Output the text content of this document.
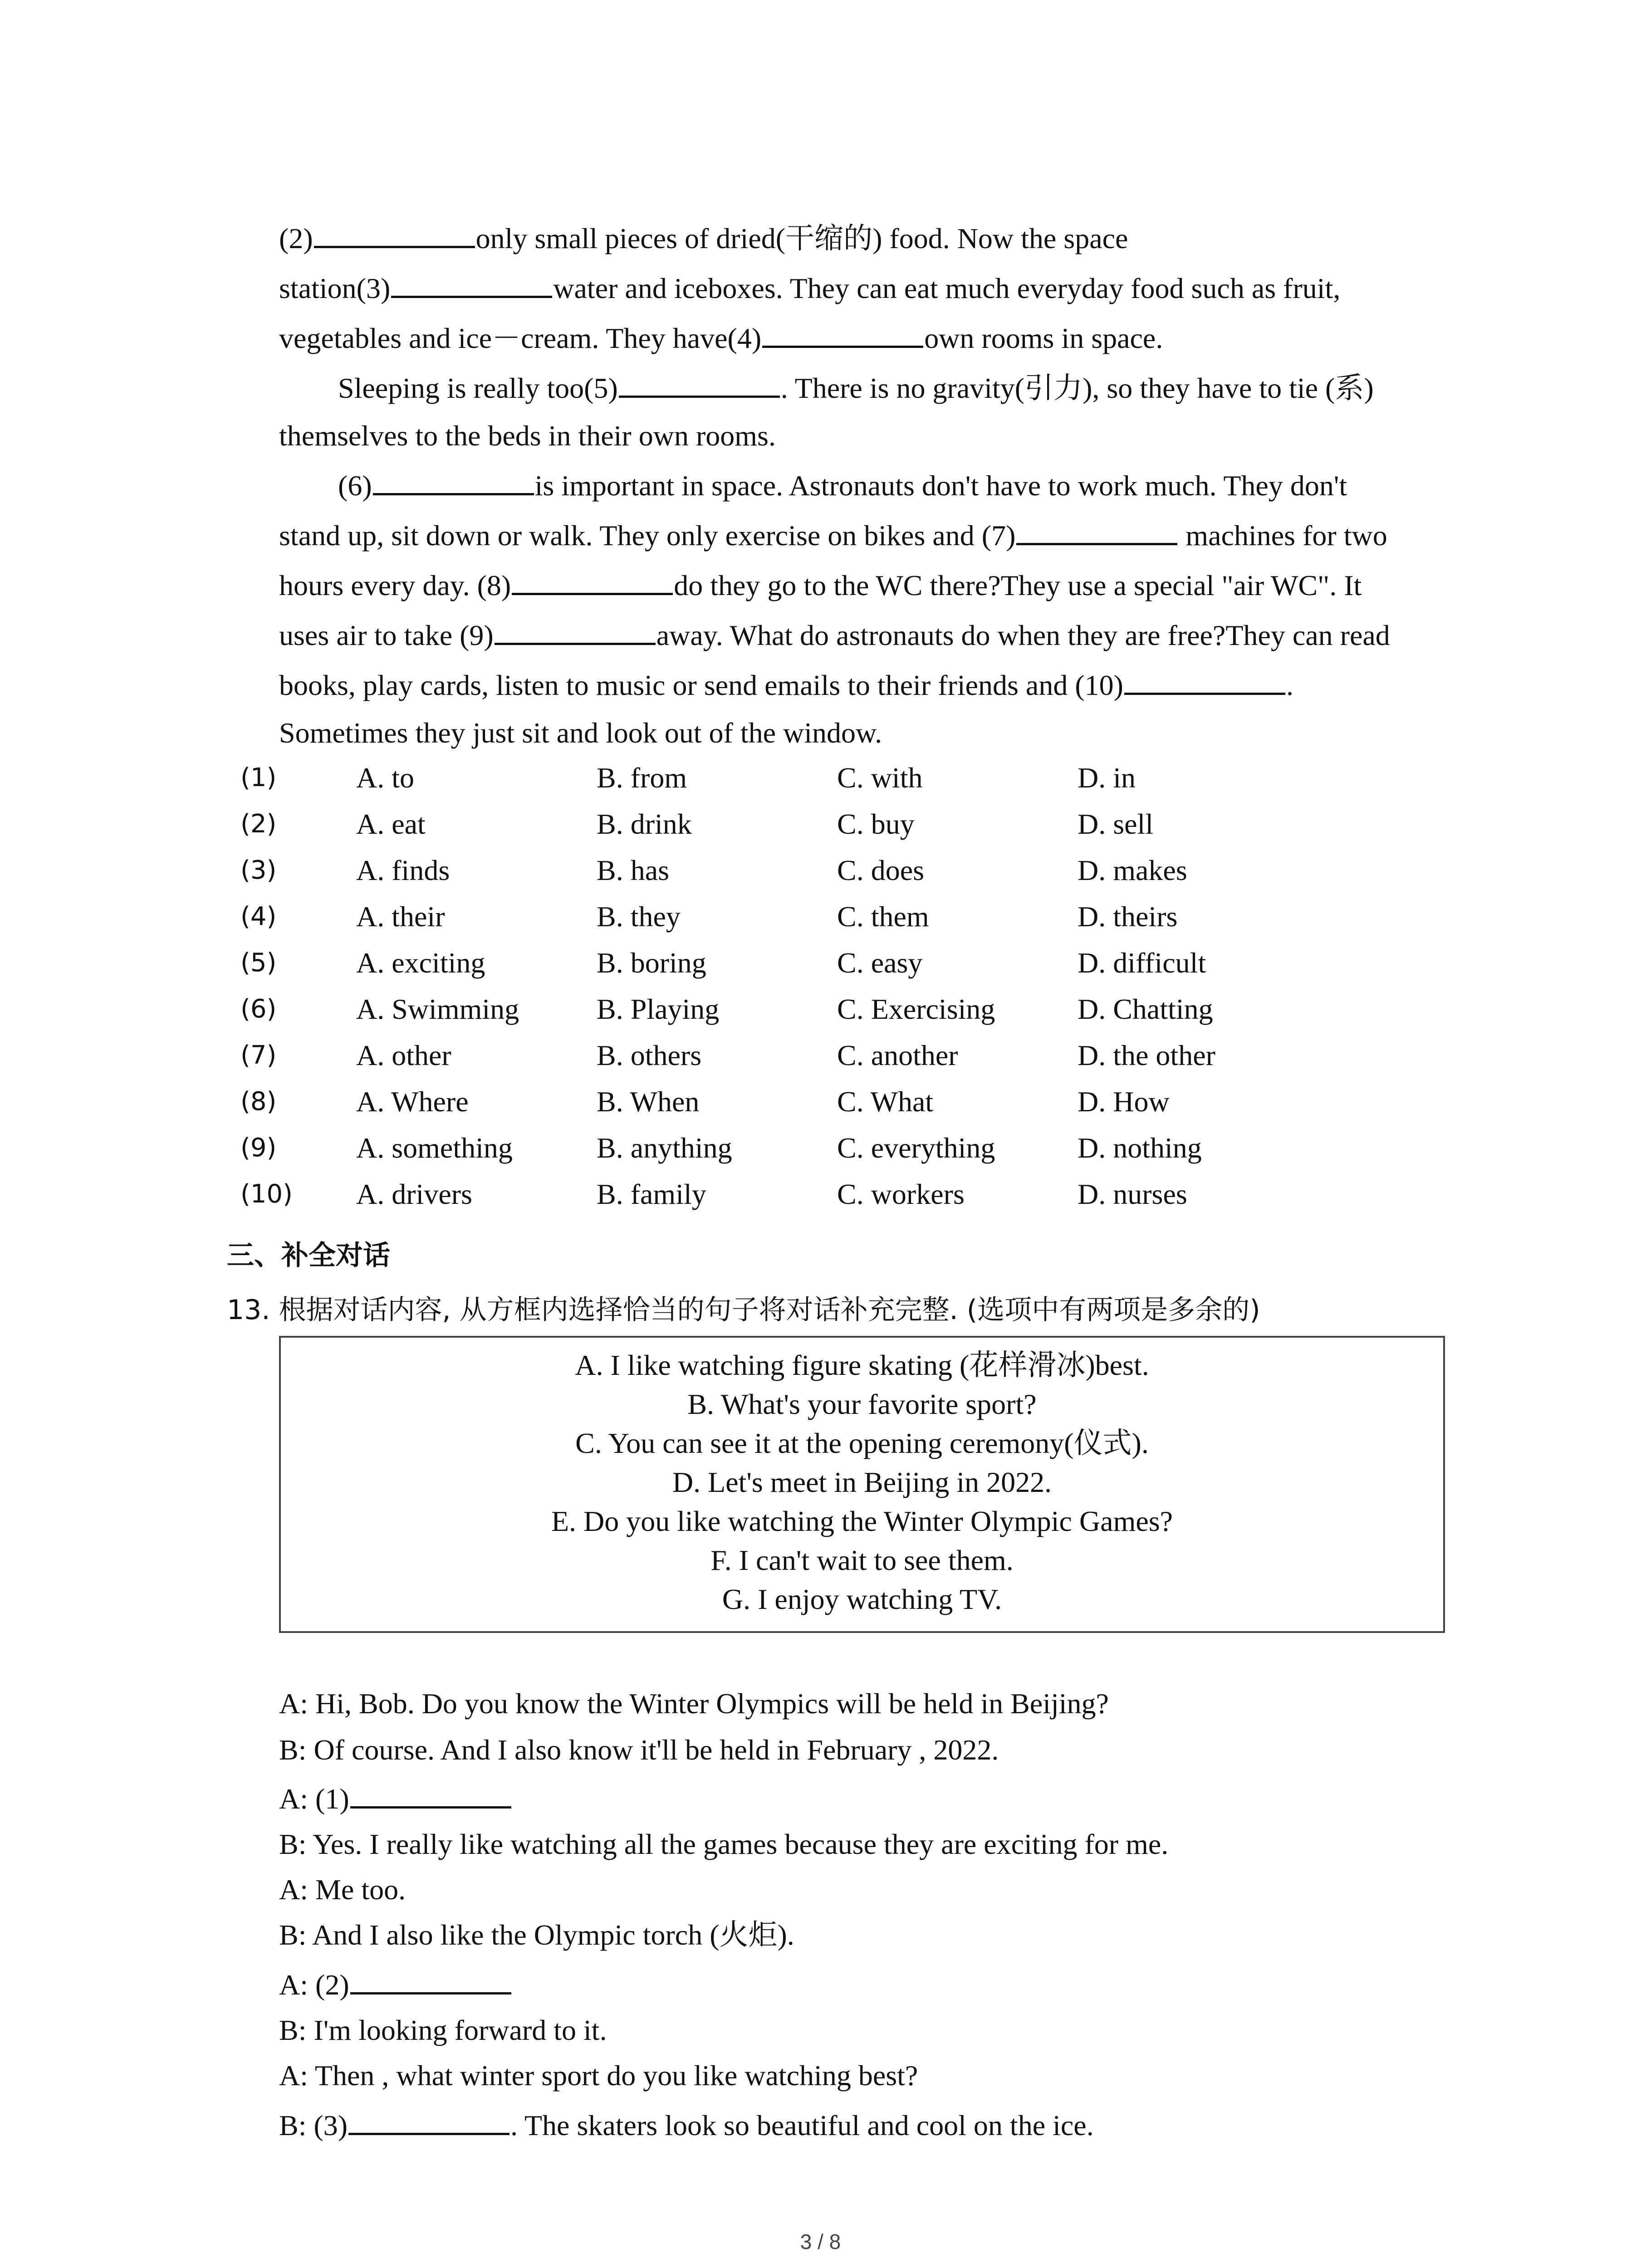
(2)	only small pieces of dried(干缩的) food. Now the space
station(3)	water and iceboxes. They can eat much everyday food such as fruit,
vegetables and ice－cream. They have(4)	own rooms in space.
Sleeping is really too(5)	. There is no gravity(引力), so they have to tie (系)
themselves to the beds in their own rooms.
(6)	is important in space. Astronauts don't have to work much. They don't
stand up, sit down or walk. They only exercise on bikes and (7)	machines for two
hours every day. (8)	do they go to the WC there?They use a special "air WC". It
uses air to take (9)	away. What do astronauts do when they are free?They can read
books, play cards, listen to music or send emails to their friends and (10)	.
Sometimes they just sit and look out of the window.
(1)	A. to	B. from	C. with	D. in
(2)	A. eat	B. drink	C. buy	D. sell
(3)	A. finds	B. has	C. does	D. makes
(4)	A. their	B. they	C. them	D. theirs
(5)	A. exciting	B. boring	C. easy	D. difficult
(6)	A. Swimming	B. Playing	C. Exercising	D. Chatting
(7)	A. other	B. others	C. another	D. the other
(8)	A. Where	B. When	C. What	D. How
(9)	A. something	B. anything	C. everything	D. nothing
(10)	A. drivers	B. family	C. workers	D. nurses
三、补全对话
13. 根据对话内容, 从方框内选择恰当的句子将对话补充完整. (选项中有两项是多余的)
A. I like watching figure skating (花样滑冰)best.
B. What's your favorite sport?
C. You can see it at the opening ceremony(仪式).
D. Let's meet in Beijing in 2022.
E. Do you like watching the Winter Olympic Games?
F. I can't wait to see them.
G. I enjoy watching TV.
A: Hi, Bob. Do you know the Winter Olympics will be held in Beijing?
B: Of course. And I also know it'll be held in February , 2022.
A: (1)
B: Yes. I really like watching all the games because they are exciting for me.
A: Me too.
B: And I also like the Olympic torch (火炬).
A: (2)
B: I'm looking forward to it.
A: Then , what winter sport do you like watching best?
B: (3)	. The skaters look so beautiful and cool on the ice.
3 / 8
